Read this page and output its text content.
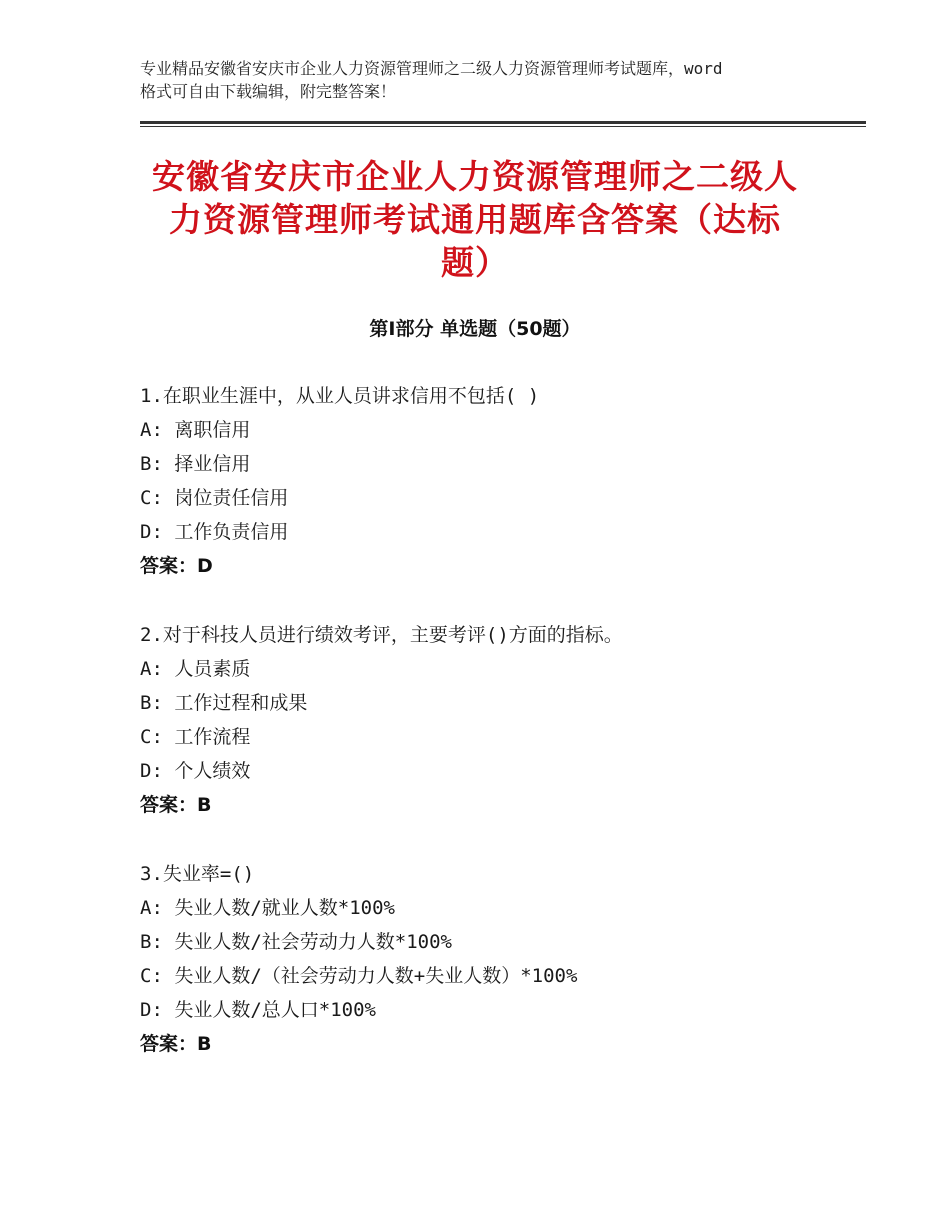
专业精品安徽省安庆市企业人力资源管理师之二级人力资源管理师考试题库，word
格式可自由下载编辑，附完整答案！
安徽省安庆市企业人力资源管理师之二级人
力资源管理师考试通用题库含答案（达标
题）
第Ⅰ部分 单选题（50题）
1.在职业生涯中，从业人员讲求信用不包括( )
A: 离职信用
B: 择业信用
C: 岗位责任信用
D: 工作负责信用
答案：D
2.对于科技人员进行绩效考评，主要考评()方面的指标。
A: 人员素质
B: 工作过程和成果
C: 工作流程
D: 个人绩效
答案：B
3.失业率=()
A: 失业人数/就业人数*100%
B: 失业人数/社会劳动力人数*100%
C: 失业人数/（社会劳动力人数+失业人数）*100%
D: 失业人数/总人口*100%
答案：B
